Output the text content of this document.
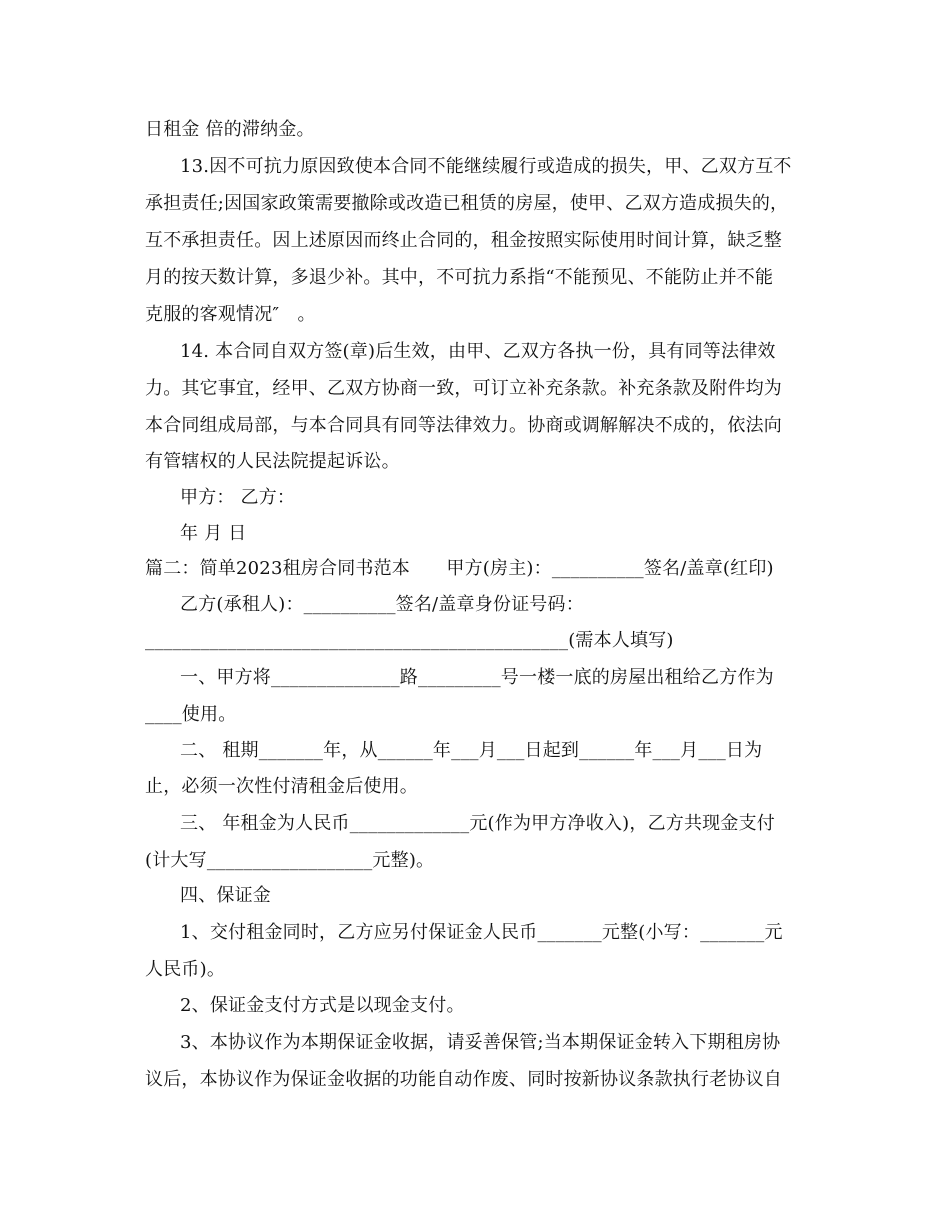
日租金 倍的滞纳金。
13.因不可抗力原因致使本合同不能继续履行或造成的损失，甲、乙双方互不
承担责任;因国家政策需要撤除或改造已租赁的房屋，使甲、乙双方造成损失的，
互不承担责任。因上述原因而终止合同的，租金按照实际使用时间计算，缺乏整
月的按天数计算，多退少补。其中，不可抗力系指“不能预见、不能防止并不能
克服的客观情况″　。
14. 本合同自双方签(章)后生效，由甲、乙双方各执一份，具有同等法律效
力。其它事宜，经甲、乙双方协商一致，可订立补充条款。补充条款及附件均为
本合同组成局部，与本合同具有同等法律效力。协商或调解解决不成的，依法向
有管辖权的人民法院提起诉讼。
甲方： 乙方：
年 月 日
篇二：简单2023租房合同书范本　　甲方(房主)：__________签名/盖章(红印)
乙方(承租人)：__________签名/盖章身份证号码：
______________________________________________(需本人填写)
一、甲方将______________路_________号一楼一底的房屋出租给乙方作为
____使用。
二、 租期_______年，从______年___月___日起到______年___月___日为
止，必须一次性付清租金后使用。
三、 年租金为人民币_____________元(作为甲方净收入)，乙方共现金支付
(计大写__________________元整)。
四、保证金
1、交付租金同时，乙方应另付保证金人民币_______元整(小写：_______元
人民币)。
2、保证金支付方式是以现金支付。
3、本协议作为本期保证金收据，请妥善保管;当本期保证金转入下期租房协
议后，本协议作为保证金收据的功能自动作废、同时按新协议条款执行老协议自
